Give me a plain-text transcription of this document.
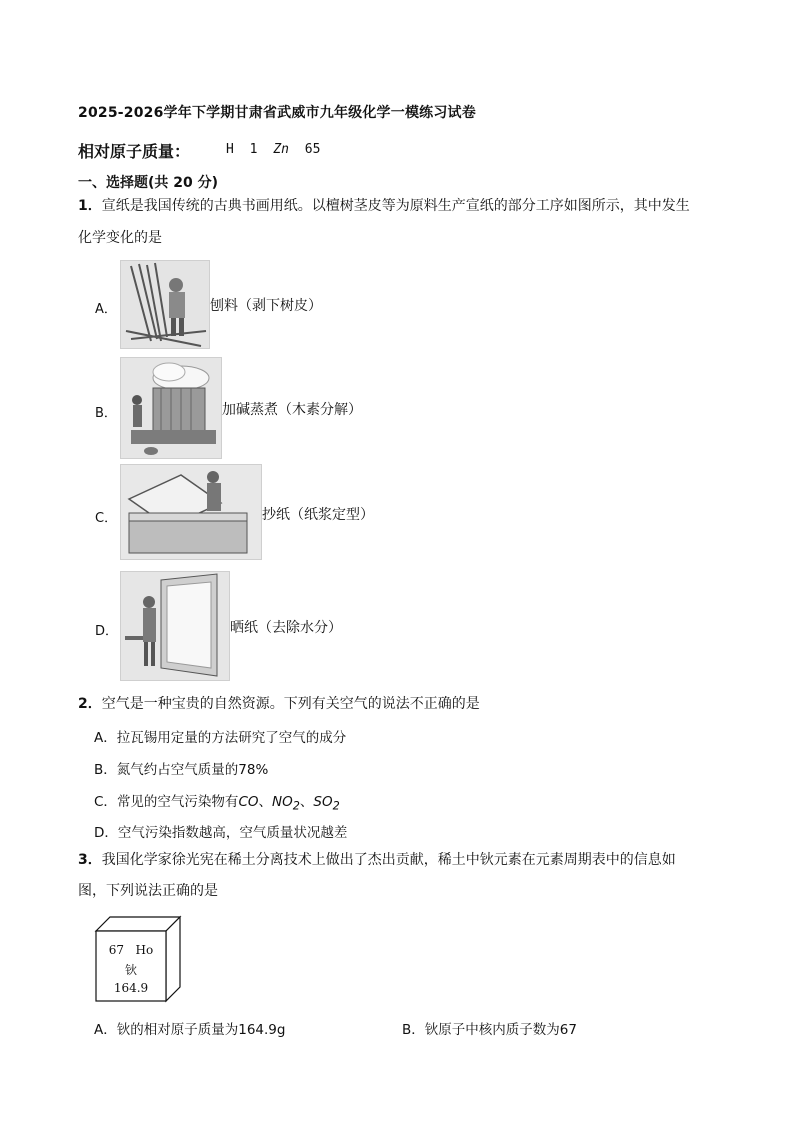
2025-2026学年下学期甘肃省武威市九年级化学一模练习试卷
相对原子质量：	H 1 Zn 65
一、选择题(共 20 分)
1．宣纸是我国传统的古典书画用纸。以檀树茎皮等为原料生产宣纸的部分工序如图所示，其中发生
化学变化的是
A．	刨料（剥下树皮）
B．	加碱蒸煮（木素分解）
C．	抄纸（纸浆定型）
D．	晒纸（去除水分）
2．空气是一种宝贵的自然资源。下列有关空气的说法不正确的是
A．拉瓦锡用定量的方法研究了空气的成分
B．氮气约占空气质量的78%
C．常见的空气污染物有CO、$NO_2$、$SO_2$
D．空气污染指数越高，空气质量状况越差
3．我国化学家徐光宪在稀土分离技术上做出了杰出贡献，稀土中钬元素在元素周期表中的信息如
图，下列说法正确的是
67 Ho
钬
164.9
A．钬的相对原子质量为164.9g	B．钬原子中核内质子数为67
